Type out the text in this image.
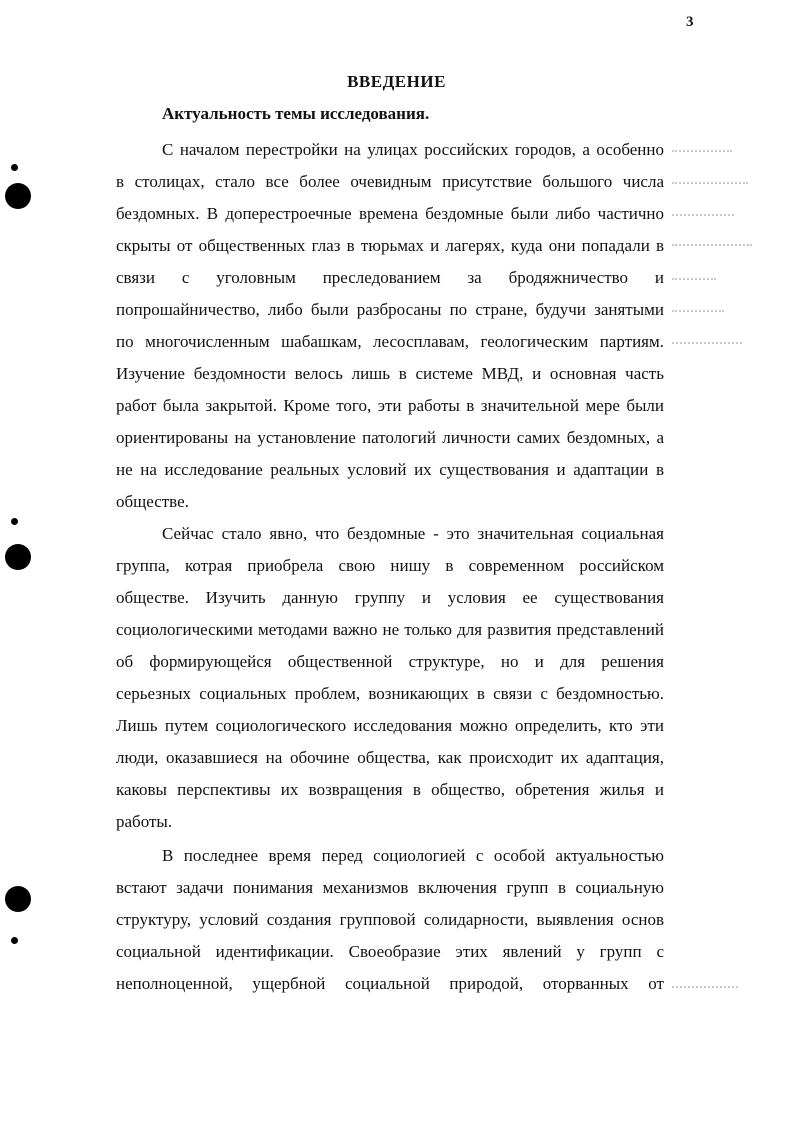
3
ВВЕДЕНИЕ
Актуальность темы исследования.
С началом перестройки на улицах российских городов, а особенно
в столицах, стало все более очевидным присутствие большого числа
бездомных. В доперестроечные времена бездомные были либо частично
скрыты от общественных глаз в тюрьмах и лагерях, куда они попадали в
связи с уголовным преследованием за бродяжничество и
попрошайничество, либо были разбросаны по стране, будучи занятыми
по многочисленным шабашкам, лесосплавам, геологическим партиям.
Изучение бездомности велось лишь в системе МВД, и основная часть
работ была закрытой. Кроме того, эти работы в значительной мере были
ориентированы на установление патологий личности самих бездомных, а
не на исследование реальных условий их существования и адаптации в
обществе.
Сейчас стало явно, что бездомные - это значительная социальная
группа, котрая приобрела свою нишу в современном российском
обществе. Изучить данную группу и условия ее существования
социологическими методами важно не только для развития представлений
об формирующейся общественной структуре, но и для решения
серьезных социальных проблем, возникающих в связи с бездомностью.
Лишь путем социологического исследования можно определить, кто эти
люди, оказавшиеся на обочине общества, как происходит их адаптация,
каковы перспективы их возвращения в общество, обретения жилья и
работы.
В последнее время перед социологией с особой актуальностью
встают задачи понимания механизмов включения групп в социальную
структуру, условий создания групповой солидарности, выявления основ
социальной идентификации. Своеобразие этих явлений у групп с
неполноценной, ущербной социальной природой, оторванных от
